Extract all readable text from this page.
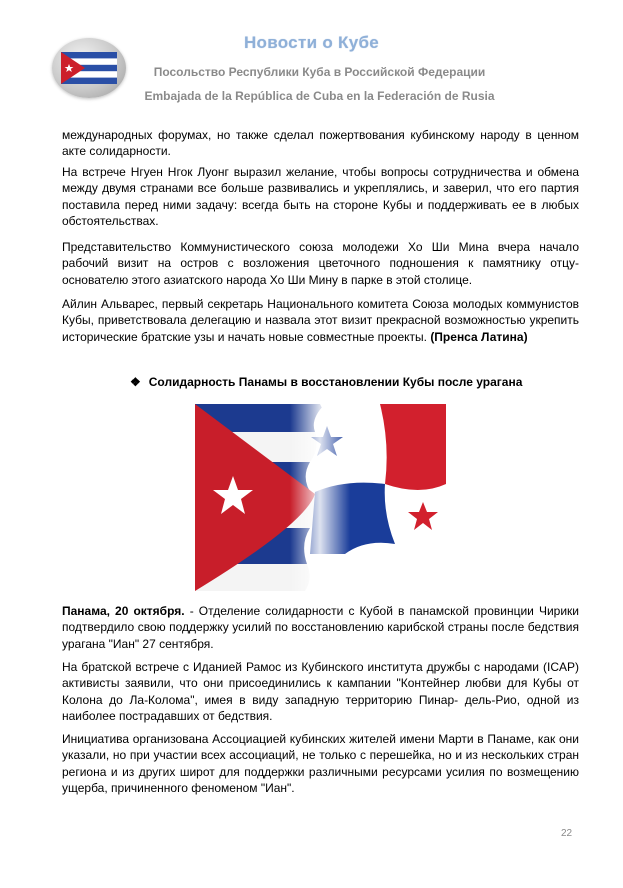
Новости о Кубе
Посольство Республики Куба в Российской Федерации
Embajada de la República de Cuba en la Federación de Rusia

международных форумах, но также сделал пожертвования кубинскому народу в ценном акте солидарности.

На встрече Нгуен Нгок Луонг выразил желание, чтобы вопросы сотрудничества и обмена между двумя странами все больше развивались и укреплялись, и заверил, что его партия поставила перед ними задачу: всегда быть на стороне Кубы и поддерживать ее в любых обстоятельствах.

Представительство Коммунистического союза молодежи Хо Ши Мина вчера начало рабочий визит на остров с возложения цветочного подношения к памятнику отцу-основателю этого азиатского народа Хо Ши Мину в парке в этой столице.

Айлин Альварес, первый секретарь Национального комитета Союза молодых коммунистов Кубы, приветствовала делегацию и назвала этот визит прекрасной возможностью укрепить исторические братские узы и начать новые совместные проекты. (Пренса Латина)

❖ Солидарность Панамы в восстановлении Кубы после урагана

Панама, 20 октября. - Отделение солидарности с Кубой в панамской провинции Чирики подтвердило свою поддержку усилий по восстановлению карибской страны после бедствия урагана "Иан" 27 сентября.

На братской встрече с Иданией Рамос из Кубинского института дружбы с народами (ICAP) активисты заявили, что они присоединились к кампании "Контейнер любви для Кубы от Колона до Ла-Колома", имея в виду западную территорию Пинар- дель-Рио, одной из наиболее пострадавших от бедствия.

Инициатива организована Ассоциацией кубинских жителей имени Марти в Панаме, как они указали, но при участии всех ассоциаций, не только с перешейка, но и из нескольких стран региона и из других широт для поддержки различными ресурсами усилия по возмещению ущерба, причиненного феноменом "Иан".

22
